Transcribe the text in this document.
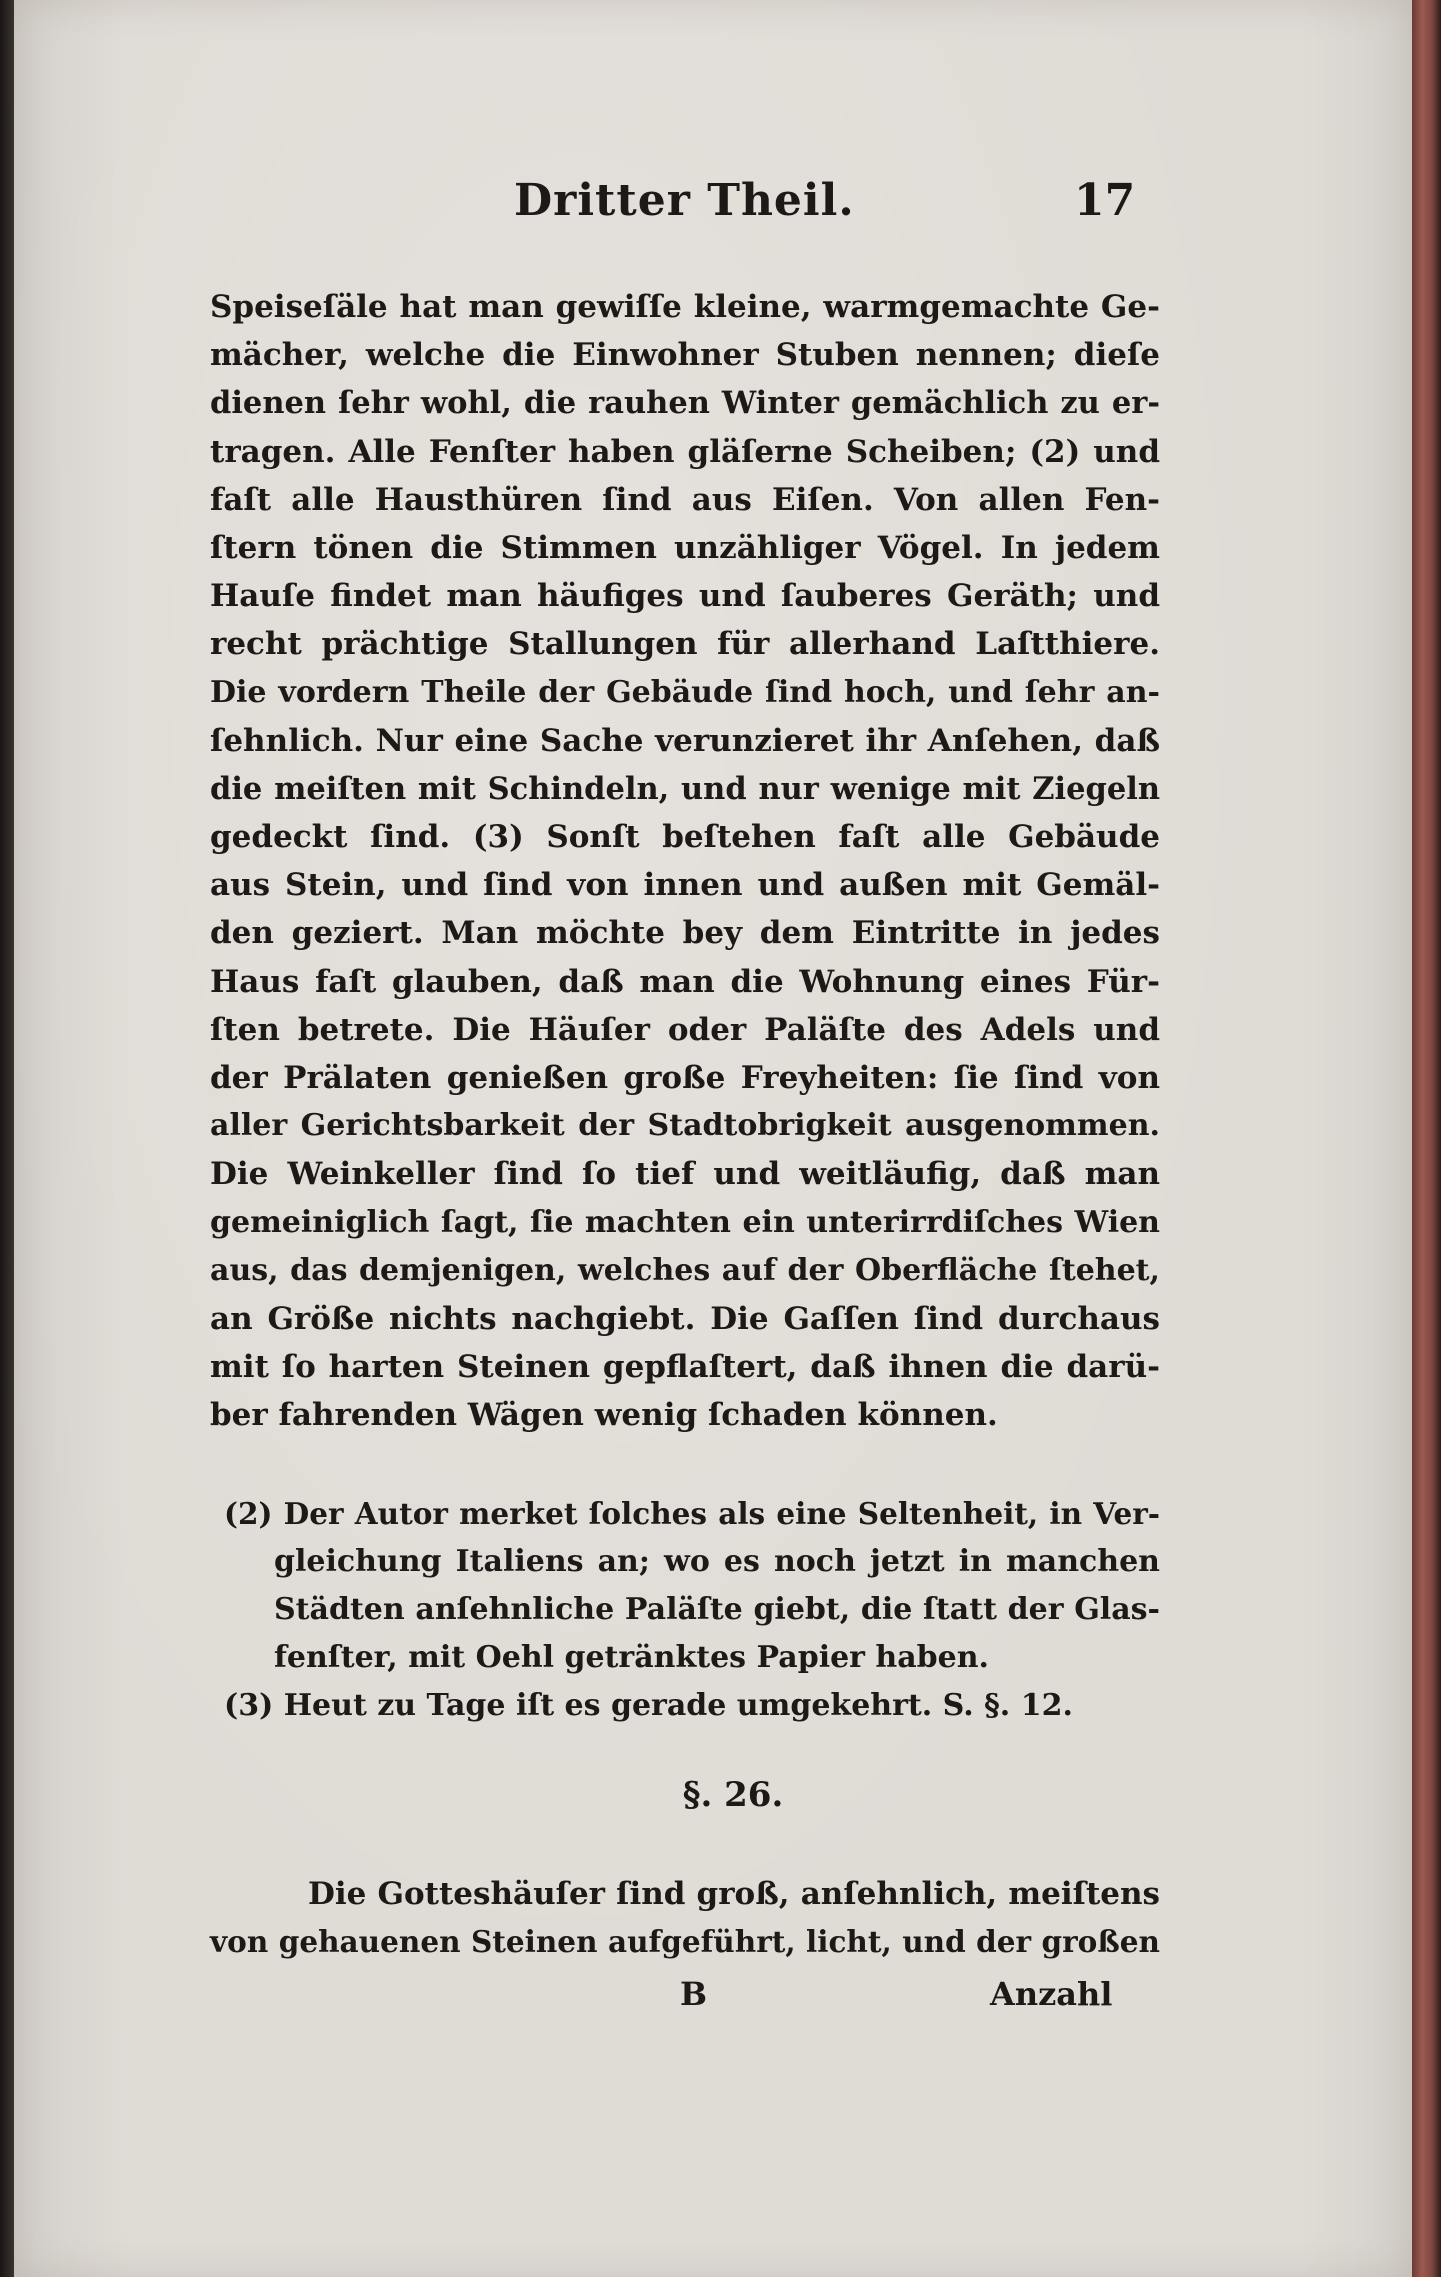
Dritter Theil.	17
Speiseſäle hat man gewiſſe kleine, warmgemachte Ge-
mächer, welche die Einwohner Stuben nennen; dieſe
dienen ſehr wohl, die rauhen Winter gemächlich zu er-
tragen. Alle Fenſter haben gläſerne Scheiben; (2) und
faſt alle Hausthüren ſind aus Eiſen. Von allen Fen-
ſtern tönen die Stimmen unzähliger Vögel. In jedem
Hauſe findet man häufiges und ſauberes Geräth; und
recht prächtige Stallungen für allerhand Laſtthiere.
Die vordern Theile der Gebäude ſind hoch, und ſehr an-
ſehnlich. Nur eine Sache verunzieret ihr Anſehen, daß
die meiſten mit Schindeln, und nur wenige mit Ziegeln
gedeckt ſind. (3) Sonſt beſtehen faſt alle Gebäude
aus Stein, und ſind von innen und außen mit Gemäl-
den geziert. Man möchte bey dem Eintritte in jedes
Haus faſt glauben, daß man die Wohnung eines Für-
ſten betrete. Die Häuſer oder Paläſte des Adels und
der Prälaten genießen große Freyheiten: ſie ſind von
aller Gerichtsbarkeit der Stadtobrigkeit ausgenommen.
Die Weinkeller ſind ſo tief und weitläufig, daß man
gemeiniglich ſagt, ſie machten ein unterirrdiſches Wien
aus, das demjenigen, welches auf der Oberfläche ſtehet,
an Größe nichts nachgiebt. Die Gaſſen ſind durchaus
mit ſo harten Steinen gepflaſtert, daß ihnen die darü-
ber fahrenden Wägen wenig ſchaden können.
(2) Der Autor merket ſolches als eine Seltenheit, in Ver-
gleichung Italiens an; wo es noch jetzt in manchen
Städten anſehnliche Paläſte giebt, die ſtatt der Glas-
fenſter, mit Oehl getränktes Papier haben.
(3) Heut zu Tage iſt es gerade umgekehrt. S. §. 12.
§. 26.
Die Gotteshäuſer ſind groß, anſehnlich, meiſtens
von gehauenen Steinen aufgeführt, licht, und der großen
B	Anzahl
